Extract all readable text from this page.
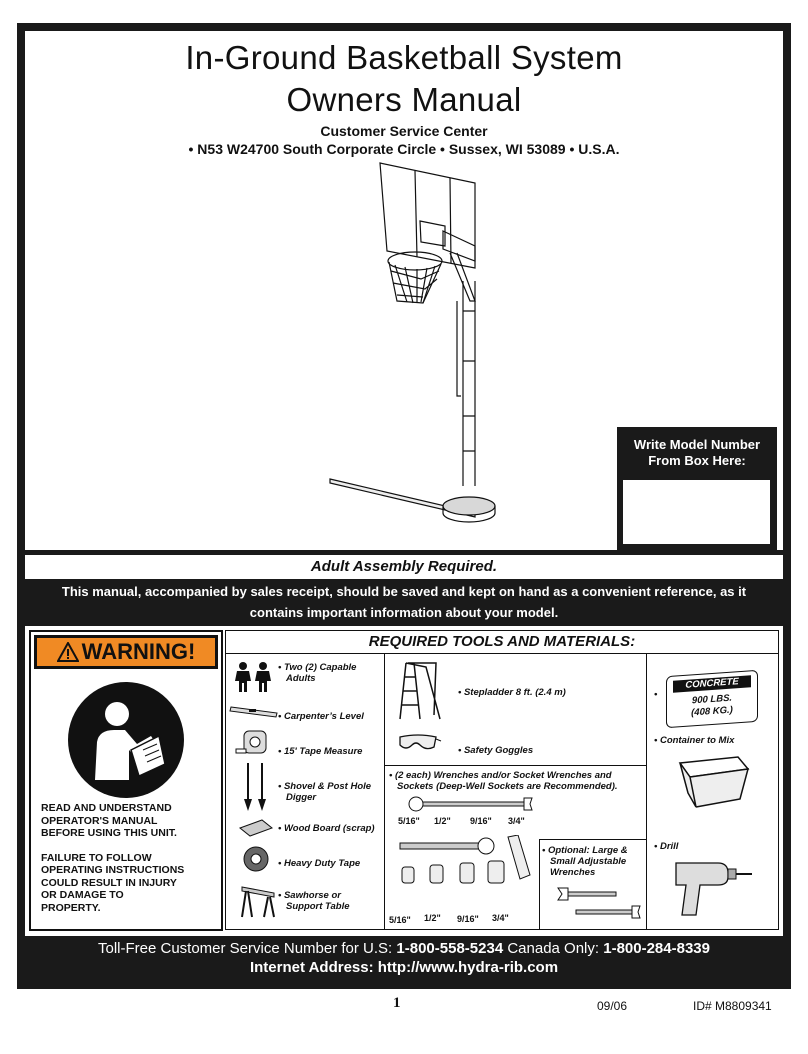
In-Ground Basketball System
Owners Manual
Customer Service Center
• N53 W24700 South Corporate Circle • Sussex, WI 53089 • U.S.A.
Write Model Number
From Box Here:
Adult Assembly Required.
This manual, accompanied by sales receipt, should be saved and kept on hand as a convenient reference, as it
contains important information about your model.
WARNING!
READ AND UNDERSTAND
OPERATOR'S MANUAL
BEFORE USING THIS UNIT.
FAILURE TO FOLLOW
OPERATING INSTRUCTIONS
COULD RESULT IN INJURY
OR DAMAGE TO
PROPERTY.
REQUIRED TOOLS AND MATERIALS:
• Two (2) Capable
Adults
• Carpenter’s Level
• 15' Tape Measure
• Shovel & Post Hole
Digger
• Wood Board (scrap)
• Heavy Duty Tape
• Sawhorse or
Support Table
• Stepladder 8 ft. (2.4 m)
• Safety Goggles
• (2 each) Wrenches and/or Socket Wrenches and
Sockets (Deep-Well Sockets are Recommended).
5/16" 1/2" 9/16" 3/4"
5/16" 1/2" 9/16" 3/4"
• Optional: Large &
Small Adjustable
Wrenches
•
CONCRETE
900 LBS.
(408 KG.)
• Container to Mix
• Drill
Toll-Free Customer Service Number for U.S: 1-800-558-5234 Canada Only: 1-800-284-8339
Internet Address: http://www.hydra-rib.com
1	09/06	ID# M8809341
